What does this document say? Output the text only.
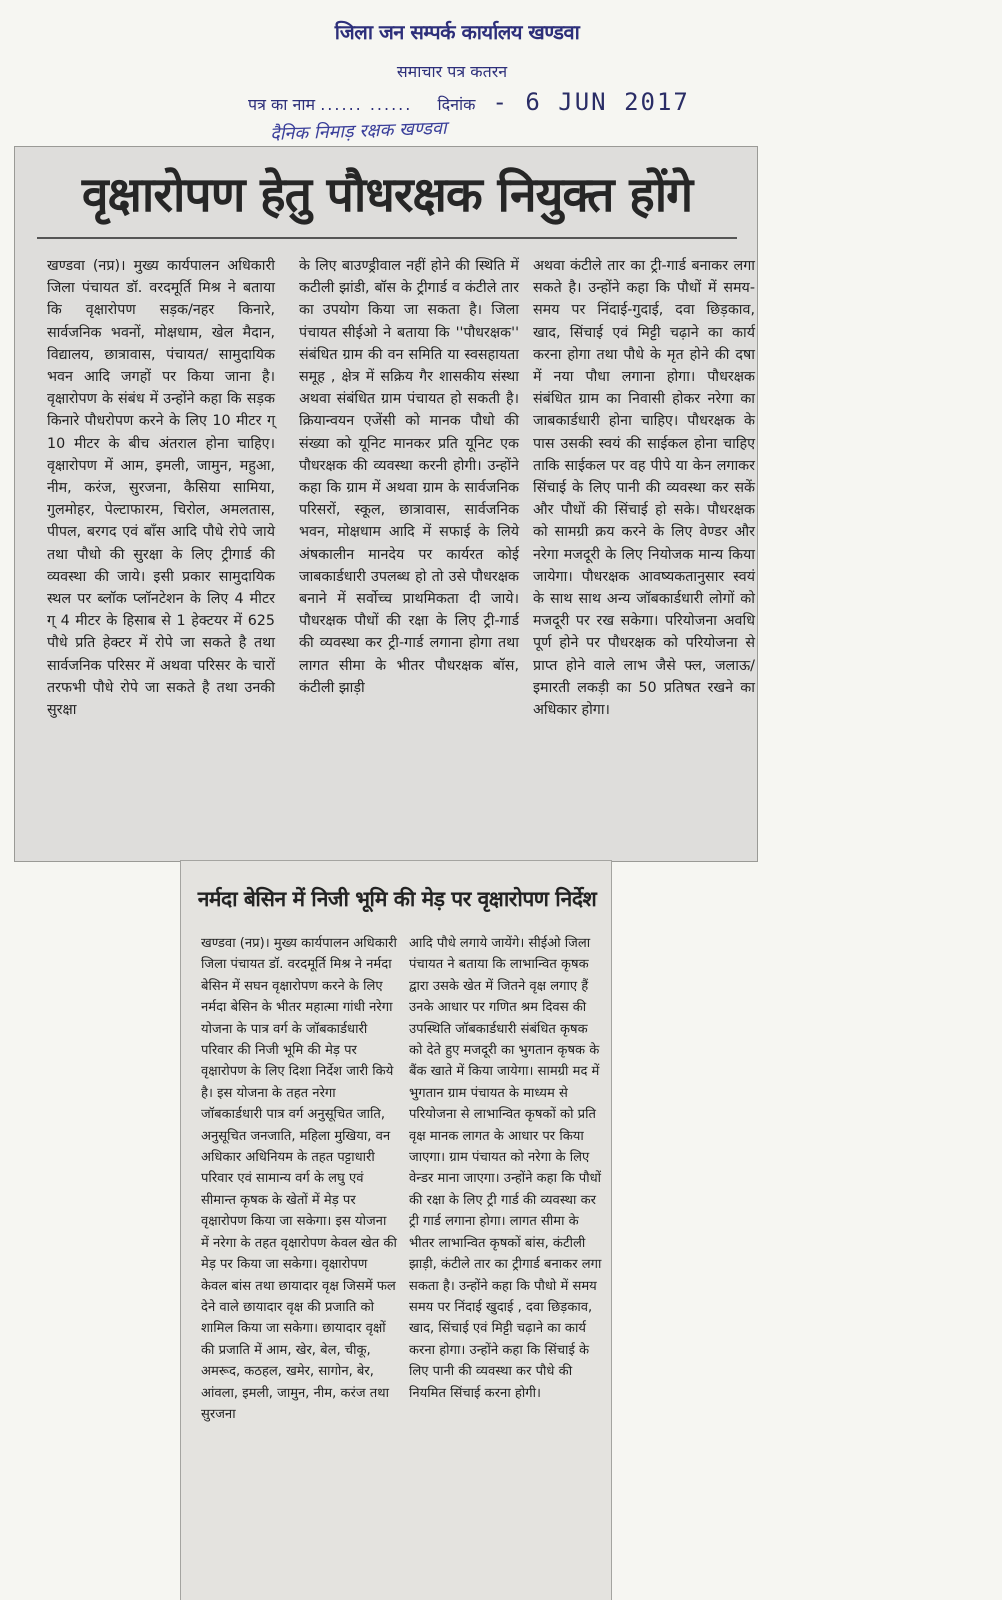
जिला जन सम्पर्क कार्यालय खण्डवा
समाचार पत्र कतरन
पत्र का नाम ...... ...... दिनांक - 6 JUN 2017
दैनिक निमाड़ रक्षक खण्डवा
वृक्षारोपण हेतु पौधरक्षक नियुक्त होंगे

खण्डवा (नप्र)। मुख्य कार्यपालन अधिकारी जिला पंचायत डॉ. वरदमूर्ति मिश्र ने बताया कि वृक्षारोपण सड़क/नहर किनारे, सार्वजनिक भवनों, मोक्षधाम, खेल मैदान, विद्यालय, छात्रावास, पंचायत/ सामुदायिक भवन आदि जगहों पर किया जाना है। वृक्षारोपण के संबंध में उन्होंने कहा कि सड़क किनारे पौधरोपण करने के लिए 10 मीटर ग् 10 मीटर के बीच अंतराल होना चाहिए। वृक्षारोपण में आम, इमली, जामुन, महुआ, नीम, करंज, सुरजना, कैसिया सामिया, गुलमोहर, पेल्टाफारम, चिरोल, अमलतास, पीपल, बरगद एवं बाँस आदि पौधे रोपे जाये तथा पौधो की सुरक्षा के लिए ट्रीगार्ड की व्यवस्था की जाये। इसी प्रकार सामुदायिक स्थल पर ब्लॉक प्लॉनटेशन के लिए 4 मीटर ग् 4 मीटर के हिसाब से 1 हेक्टयर में 625 पौधे प्रति हेक्टर में रोपे जा सकते है तथा सार्वजनिक परिसर में अथवा परिसर के चारों तरफभी पौधे रोपे जा सकते है तथा उनकी सुरक्षा

के लिए बाउण्ड्रीवाल नहीं होने की स्थिति में कटीली झांडी, बॉस के ट्रीगार्ड व कंटीले तार का उपयोग किया जा सकता है। जिला पंचायत सीईओ ने बताया कि ''पौधरक्षक'' संबंधित ग्राम की वन समिति या स्वसहायता समूह , क्षेत्र में सक्रिय गैर शासकीय संस्था अथवा संबंधित ग्राम पंचायत हो सकती है। क्रियान्वयन एजेंसी को मानक पौधो की संख्या को यूनिट मानकर प्रति यूनिट एक पौधरक्षक की व्यवस्था करनी होगी। उन्होंने कहा कि ग्राम में अथवा ग्राम के सार्वजनिक परिसरों, स्कूल, छात्रावास, सार्वजनिक भवन, मोक्षधाम आदि में सफाई के लिये अंषकालीन मानदेय पर कार्यरत कोई जाबकार्डधारी उपलब्ध हो तो उसे पौधरक्षक बनाने में सर्वोच्च प्राथमिकता दी जाये। पौधरक्षक पौधों की रक्षा के लिए ट्री-गार्ड की व्यवस्था कर ट्री-गार्ड लगाना होगा तथा लागत सीमा के भीतर पौधरक्षक बॉस, कंटीली झाड़ी

अथवा कंटीले तार का ट्री-गार्ड बनाकर लगा सकते है। उन्होंने कहा कि पौधों में समय-समय पर निंदाई-गुदाई, दवा छिड़काव, खाद, सिंचाई एवं मिट्टी चढ़ाने का कार्य करना होगा तथा पौधे के मृत होने की दषा में नया पौधा लगाना होगा। पौधरक्षक संबंधित ग्राम का निवासी होकर नरेगा का जाबकार्डधारी होना चाहिए। पौधरक्षक के पास उसकी स्वयं की साईकल होना चाहिए ताकि साईकल पर वह पीपे या केन लगाकर सिंचाई के लिए पानी की व्यवस्था कर सकें और पौधों की सिंचाई हो सके। पौधरक्षक को सामग्री क्रय करने के लिए वेण्डर और नरेगा मजदूरी के लिए नियोजक मान्य किया जायेगा। पौधरक्षक आवष्यकतानुसार स्वयं के साथ साथ अन्य जॉबकार्डधारी लोगों को मजदूरी पर रख सकेगा। परियोजना अवधि पूर्ण होने पर पौधरक्षक को परियोजना से प्राप्त होने वाले लाभ जैसे फ्ल, जलाऊ/इमारती लकड़ी का 50 प्रतिषत रखने का अधिकार होगा।

नर्मदा बेसिन में निजी भूमि की मेड़ पर वृक्षारोपण निर्देश

खण्डवा (नप्र)। मुख्य कार्यपालन अधिकारी जिला पंचायत डॉ. वरदमूर्ति मिश्र ने नर्मदा बेसिन में सघन वृक्षारोपण करने के लिए नर्मदा बेसिन के भीतर महात्मा गांधी नरेगा योजना के पात्र वर्ग के जॉबकार्डधारी परिवार की निजी भूमि की मेड़ पर वृक्षारोपण के लिए दिशा निर्देश जारी किये है। इस योजना के तहत नरेगा जॉबकार्डधारी पात्र वर्ग अनुसूचित जाति, अनुसूचित जनजाति, महिला मुखिया, वन अधिकार अधिनियम के तहत पट्टाधारी परिवार एवं सामान्य वर्ग के लघु एवं सीमान्त कृषक के खेतों में मेड़ पर वृक्षारोपण किया जा सकेगा। इस योजना में नरेगा के तहत वृक्षारोपण केवल खेत की मेड़ पर किया जा सकेगा। वृक्षारोपण केवल बांस तथा छायादार वृक्ष जिसमें फल देने वाले छायादार वृक्ष की प्रजाति को शामिल किया जा सकेगा। छायादार वृक्षों की प्रजाति में आम, खेर, बेल, चीकू, अमरूद, कठहल, खमेर, सागोन, बेर, आंवला, इमली, जामुन, नीम, करंज तथा सुरजना

आदि पौधे लगाये जायेंगे। सीईओ जिला पंचायत ने बताया कि लाभान्वित कृषक द्वारा उसके खेत में जितने वृक्ष लगाए हैं उनके आधार पर गणित श्रम दिवस की उपस्थिति जॉबकार्डधारी संबंधित कृषक को देते हुए मजदूरी का भुगतान कृषक के बैंक खाते में किया जायेगा। सामग्री मद में भुगतान ग्राम पंचायत के माध्यम से परियोजना से लाभान्वित कृषकों को प्रति वृक्ष मानक लागत के आधार पर किया जाएगा। ग्राम पंचायत को नरेगा के लिए वेन्डर माना जाएगा। उन्होंने कहा कि पौधों की रक्षा के लिए ट्री गार्ड की व्यवस्था कर ट्री गार्ड लगाना होगा। लागत सीमा के भीतर लाभान्वित कृषकों बांस, कंटीली झाड़ी, कंटीले तार का ट्रीगार्ड बनाकर लगा सकता है। उन्होंने कहा कि पौधो में समय समय पर निंदाई खुदाई , दवा छिड़काव, खाद, सिंचाई एवं मिट्टी चढ़ाने का कार्य करना होगा। उन्होंने कहा कि सिंचाई के लिए पानी की व्यवस्था कर पौधे की नियमित सिंचाई करना होगी।
